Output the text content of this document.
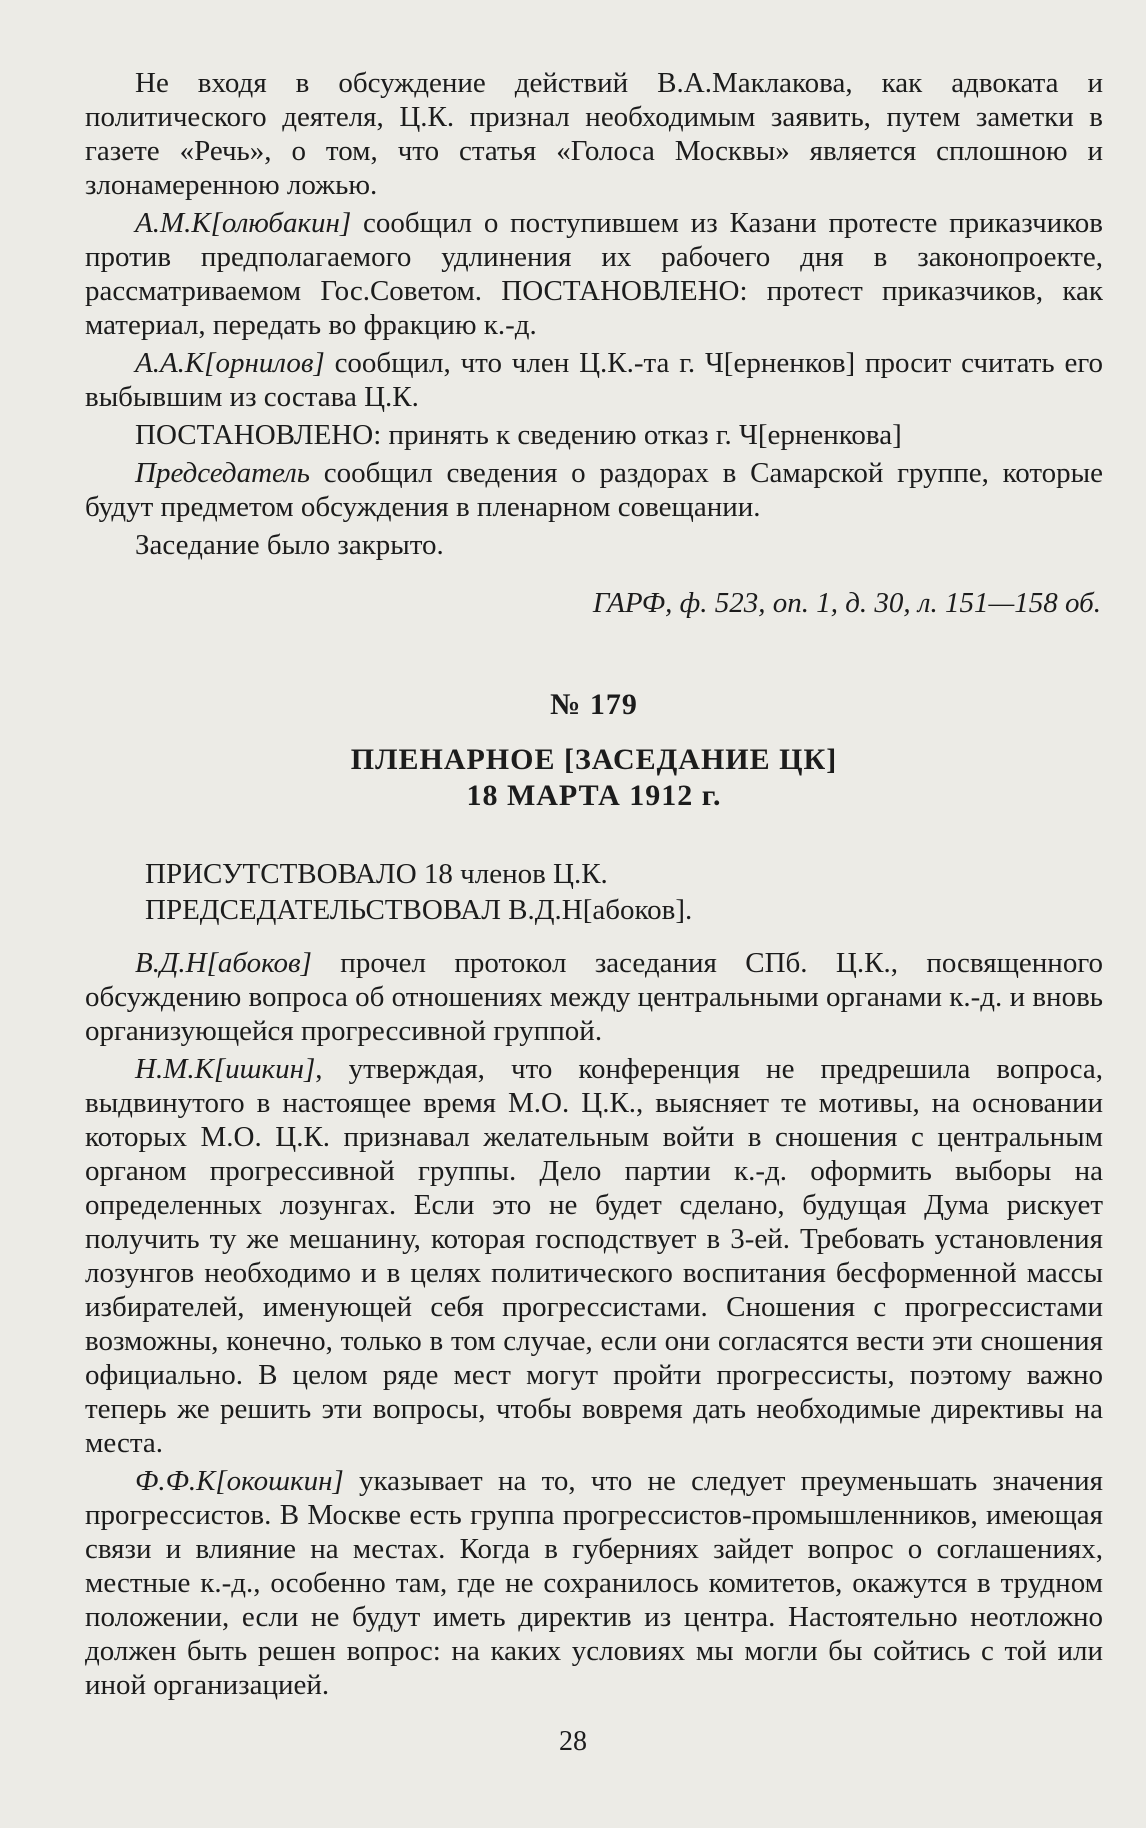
Не входя в обсуждение действий В.А.Маклакова, как адвоката и политического деятеля, Ц.К. признал необходимым заявить, путем заметки в газете «Речь», о том, что статья «Голоса Москвы» является сплошною и злонамеренною ложью.

А.М.К[олюбакин] сообщил о поступившем из Казани протесте приказчиков против предполагаемого удлинения их рабочего дня в законопроекте, рассматриваемом Гос.Советом. ПОСТАНОВЛЕНО: протест приказчиков, как материал, передать во фракцию к.-д.

А.А.К[орнилов] сообщил, что член Ц.К.-та г. Ч[ерненков] просит считать его выбывшим из состава Ц.К.

ПОСТАНОВЛЕНО: принять к сведению отказ г. Ч[ерненкова]

Председатель сообщил сведения о раздорах в Самарской группе, которые будут предметом обсуждения в пленарном совещании.

Заседание было закрыто.

ГАРФ, ф. 523, оп. 1, д. 30, л. 151—158 об.
№ 179
ПЛЕНАРНОЕ [ЗАСЕДАНИЕ ЦК]
18 МАРТА 1912 г.
ПРИСУТСТВОВАЛО 18 членов Ц.К.
ПРЕДСЕДАТЕЛЬСТВОВАЛ В.Д.Н[абоков].

В.Д.Н[абоков] прочел протокол заседания СПб. Ц.К., посвященного обсуждению вопроса об отношениях между центральными органами к.-д. и вновь организующейся прогрессивной группой.

Н.М.К[ишкин], утверждая, что конференция не предрешила вопроса, выдвинутого в настоящее время М.О. Ц.К., выясняет те мотивы, на основании которых М.О. Ц.К. признавал желательным войти в сношения с центральным органом прогрессивной группы. Дело партии к.-д. оформить выборы на определенных лозунгах. Если это не будет сделано, будущая Дума рискует получить ту же мешанину, которая господствует в 3-ей. Требовать установления лозунгов необходимо и в целях политического воспитания бесформенной массы избирателей, именующей себя прогрессистами. Сношения с прогрессистами возможны, конечно, только в том случае, если они согласятся вести эти сношения официально. В целом ряде мест могут пройти прогрессисты, поэтому важно теперь же решить эти вопросы, чтобы вовремя дать необходимые директивы на места.

Ф.Ф.К[окошкин] указывает на то, что не следует преуменьшать значения прогрессистов. В Москве есть группа прогрессистов-промышленников, имеющая связи и влияние на местах. Когда в губерниях зайдет вопрос о соглашениях, местные к.-д., особенно там, где не сохранилось комитетов, окажутся в трудном положении, если не будут иметь директив из центра. Настоятельно неотложно должен быть решен вопрос: на каких условиях мы могли бы сойтись с той или иной организацией.

28
